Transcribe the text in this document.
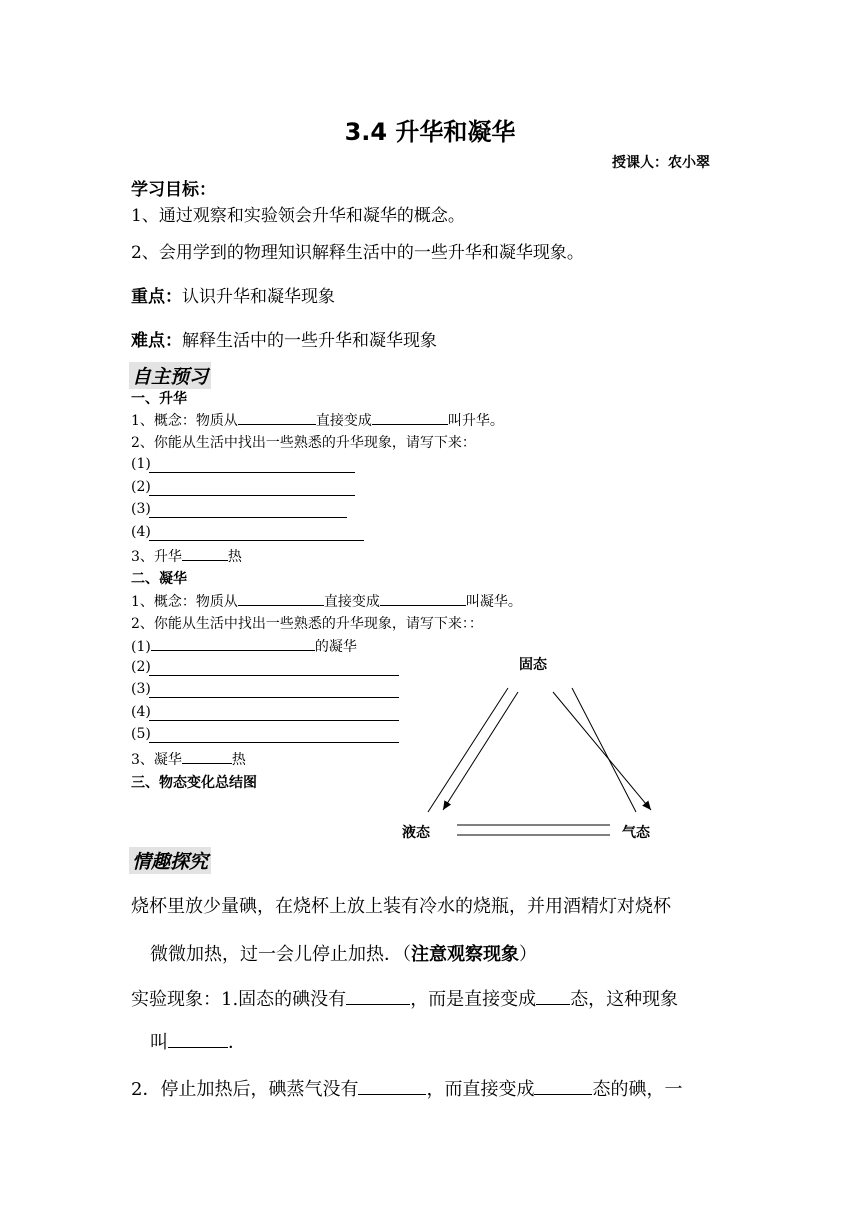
3.4 升华和凝华
授课人：农小翠
学习目标：
1、通过观察和实验领会升华和凝华的概念。
2、会用学到的物理知识解释生活中的一些升华和凝华现象。
重点：认识升华和凝华现象
难点：解释生活中的一些升华和凝华现象
自主预习
一、升华
1、概念：物质从	直接变成	叫升华。
2、你能从生活中找出一些熟悉的升华现象，请写下来：
(1)
(2)
(3)
(4)
3、升华	热
二、凝华
1、概念：物质从	直接变成	叫凝华。
2、你能从生活中找出一些熟悉的升华现象，请写下来：：
(1)	的凝华
(2)
(3)
(4)
(5)
3、凝华	热
三、物态变化总结图
固态
液态	气态
情趣探究
烧杯里放少量碘，在烧杯上放上装有冷水的烧瓶，并用酒精灯对烧杯
微微加热，过一会儿停止加热．（注意观察现象）
实验现象：1.固态的碘没有	，而是直接变成 态，这种现象
叫	．
2．停止加热后，碘蒸气没有	，而直接变成	态的碘，一
